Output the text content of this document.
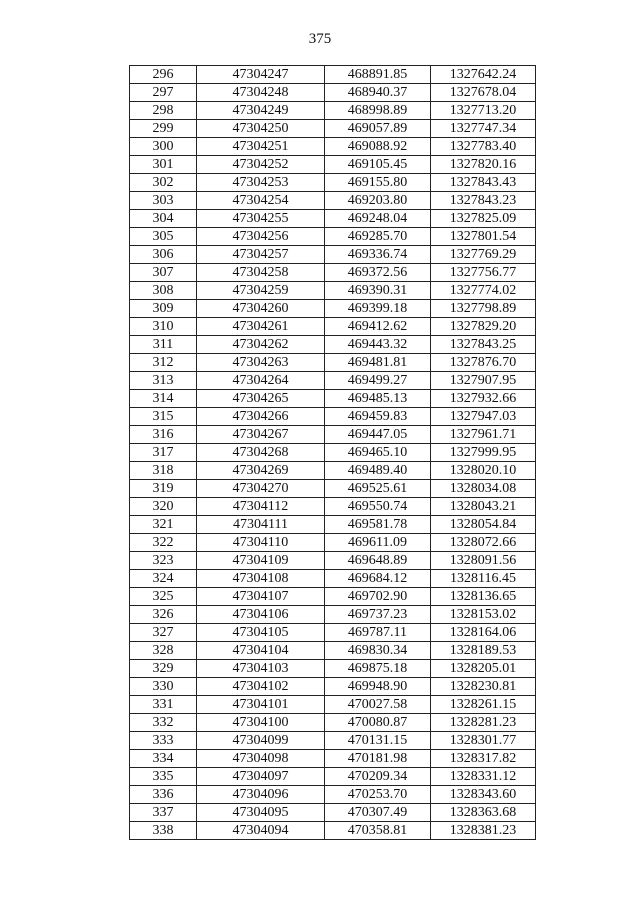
375
296	47304247	468891.85	1327642.24
297	47304248	468940.37	1327678.04
298	47304249	468998.89	1327713.20
299	47304250	469057.89	1327747.34
300	47304251	469088.92	1327783.40
301	47304252	469105.45	1327820.16
302	47304253	469155.80	1327843.43
303	47304254	469203.80	1327843.23
304	47304255	469248.04	1327825.09
305	47304256	469285.70	1327801.54
306	47304257	469336.74	1327769.29
307	47304258	469372.56	1327756.77
308	47304259	469390.31	1327774.02
309	47304260	469399.18	1327798.89
310	47304261	469412.62	1327829.20
311	47304262	469443.32	1327843.25
312	47304263	469481.81	1327876.70
313	47304264	469499.27	1327907.95
314	47304265	469485.13	1327932.66
315	47304266	469459.83	1327947.03
316	47304267	469447.05	1327961.71
317	47304268	469465.10	1327999.95
318	47304269	469489.40	1328020.10
319	47304270	469525.61	1328034.08
320	47304112	469550.74	1328043.21
321	47304111	469581.78	1328054.84
322	47304110	469611.09	1328072.66
323	47304109	469648.89	1328091.56
324	47304108	469684.12	1328116.45
325	47304107	469702.90	1328136.65
326	47304106	469737.23	1328153.02
327	47304105	469787.11	1328164.06
328	47304104	469830.34	1328189.53
329	47304103	469875.18	1328205.01
330	47304102	469948.90	1328230.81
331	47304101	470027.58	1328261.15
332	47304100	470080.87	1328281.23
333	47304099	470131.15	1328301.77
334	47304098	470181.98	1328317.82
335	47304097	470209.34	1328331.12
336	47304096	470253.70	1328343.60
337	47304095	470307.49	1328363.68
338	47304094	470358.81	1328381.23
